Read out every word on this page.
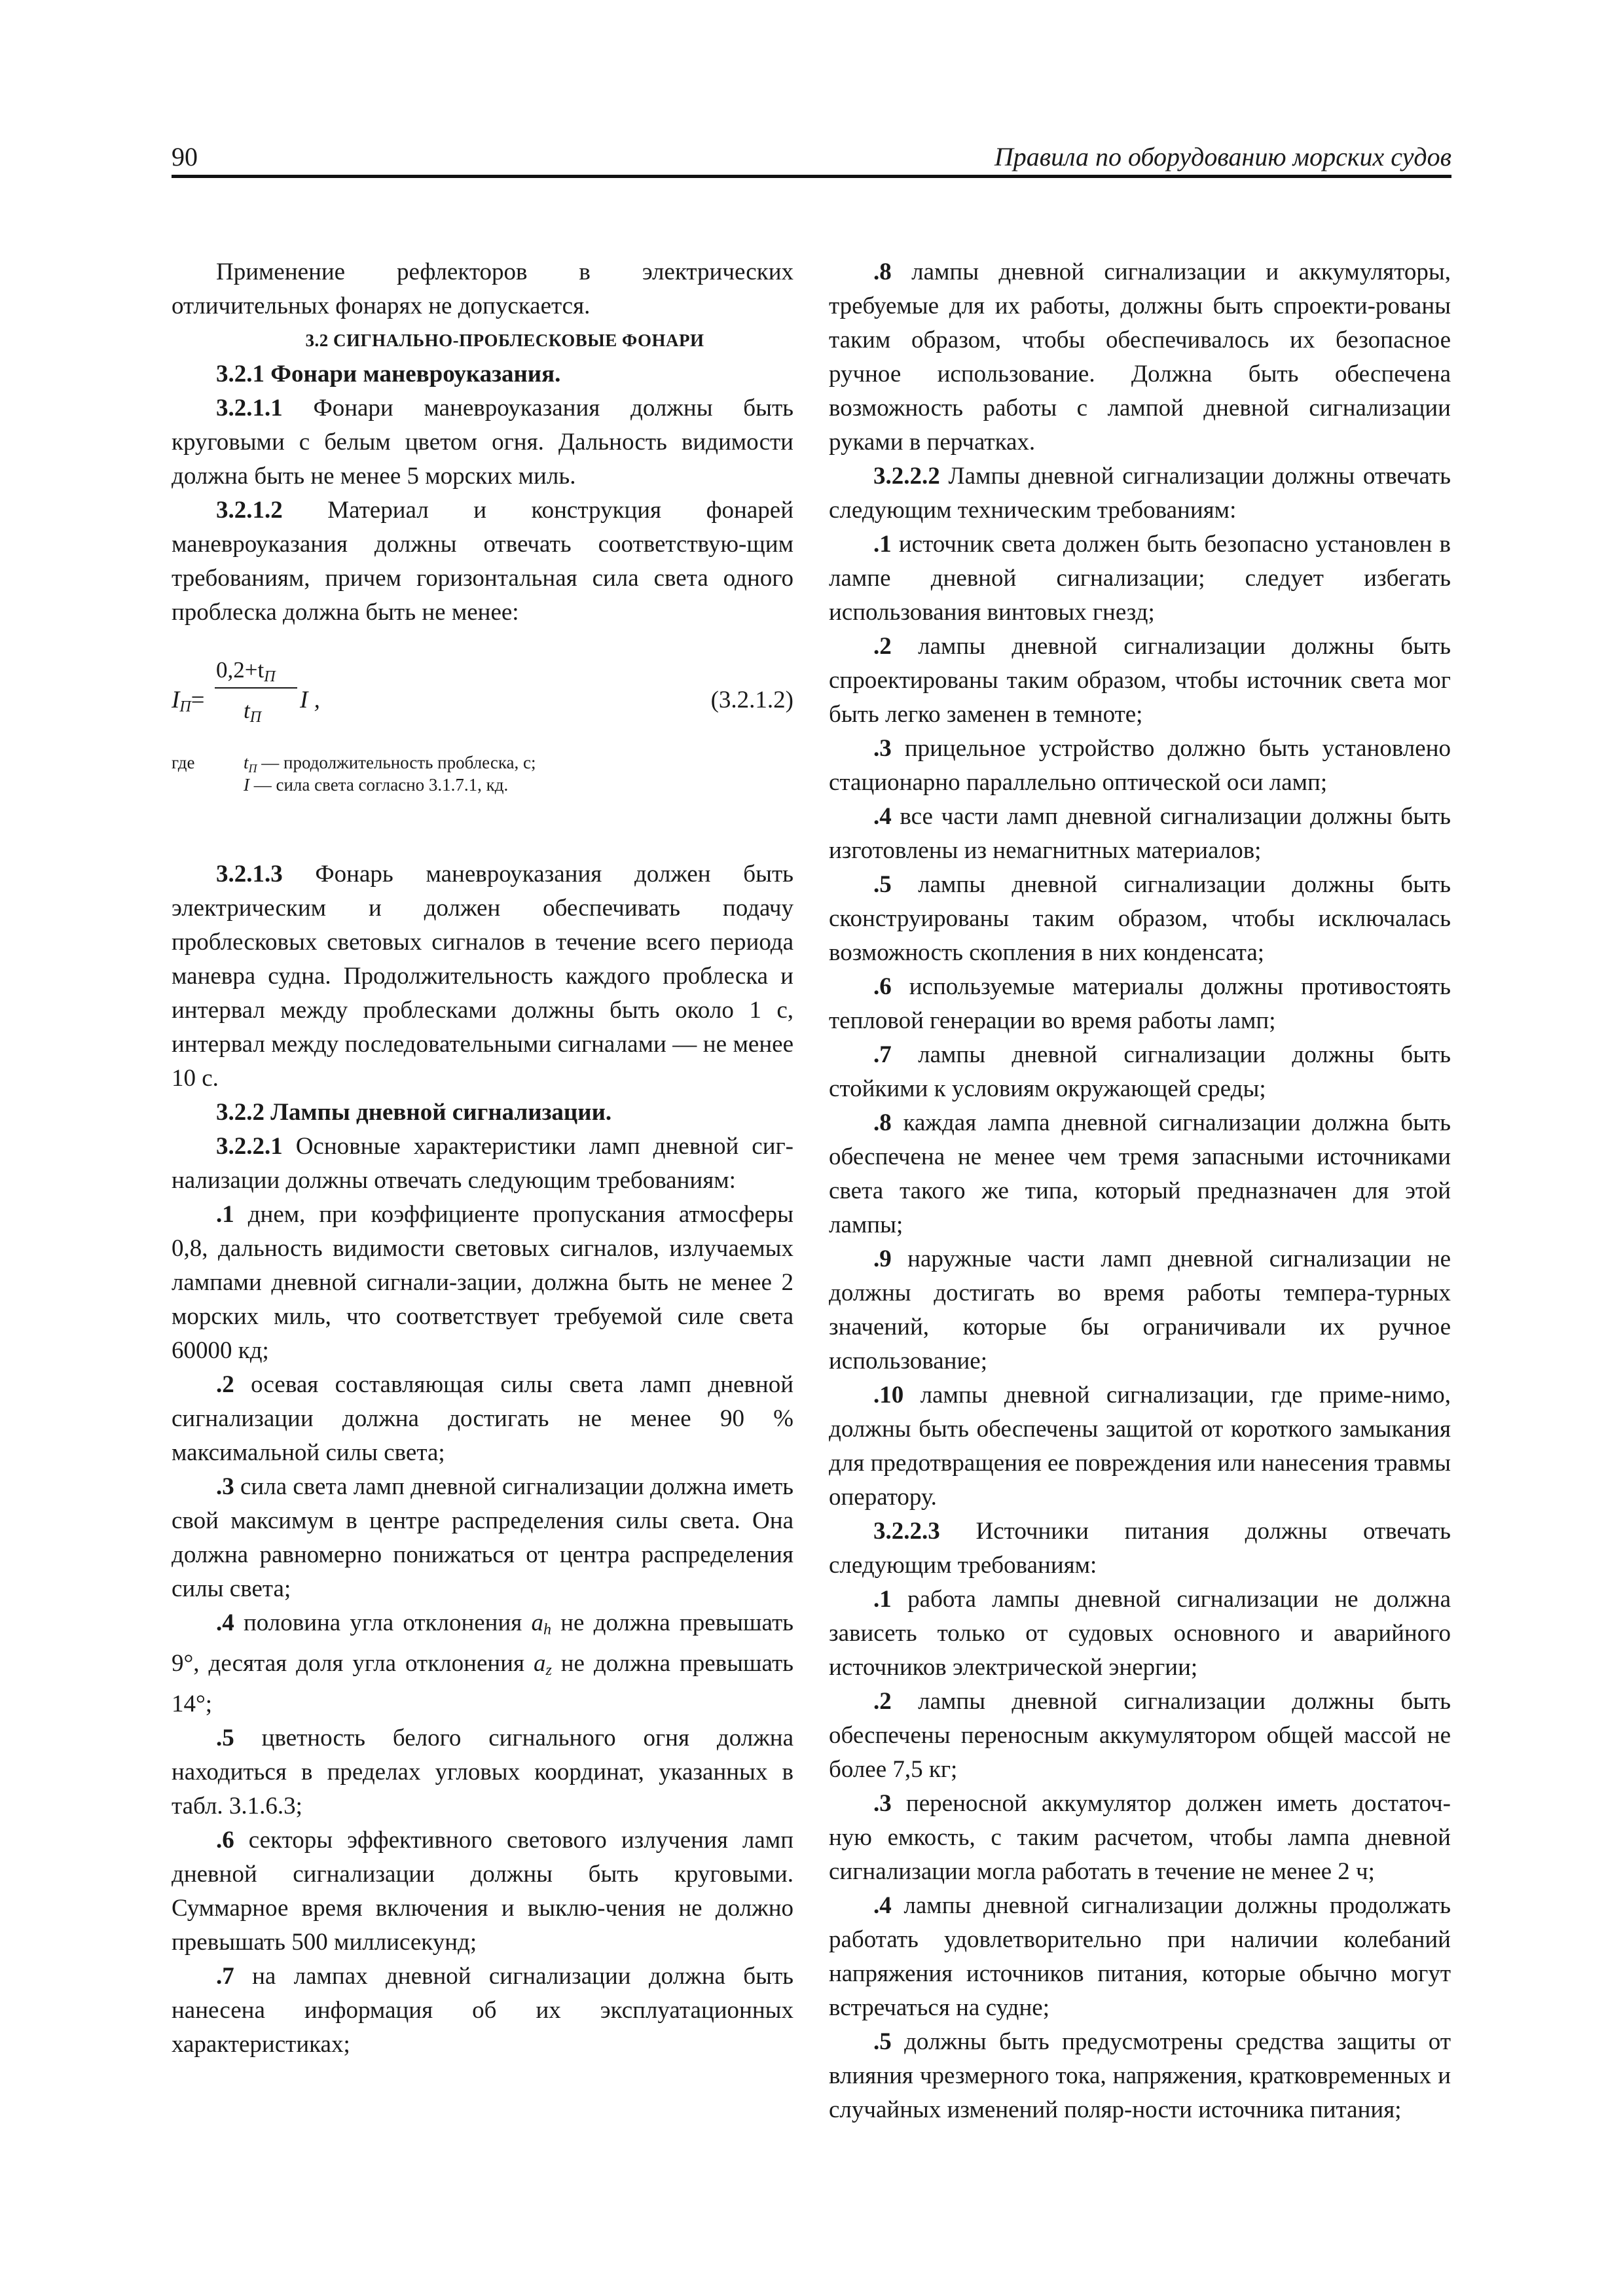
90	Правила по оборудованию морских судов

Применение рефлекторов в электрических отличительных фонарях не допускается.

3.2 СИГНАЛЬНО-ПРОБЛЕСКОВЫЕ ФОНАРИ

3.2.1 Фонари маневроуказания.

3.2.1.1 Фонари маневроуказания должны быть круговыми с белым цветом огня. Дальность видимости должна быть не менее 5 морских миль.

3.2.1.2 Материал и конструкция фонарей маневроуказания должны отвечать соответствую-щим требованиям, причем горизонтальная сила света одного проблеска должна быть не менее:

$I_П=$
$0,2+t_П$
$t_П$
I ,	(3.2.1.2)
где	$t_П$ — продолжительность проблеска, с;
I — сила света согласно 3.1.7.1, кд.

3.2.1.3 Фонарь маневроуказания должен быть электрическим и должен обеспечивать подачу проблесковых световых сигналов в течение всего периода маневра судна. Продолжительность каждого проблеска и интервал между проблесками должны быть около 1 с, интервал между последовательными сигналами — не менее 10 с.

3.2.2 Лампы дневной сигнализации.

3.2.2.1 Основные характеристики ламп дневной сиг-нализации должны отвечать следующим требованиям:

.1 днем, при коэффициенте пропускания атмосферы 0,8, дальность видимости световых сигналов, излучаемых лампами дневной сигнали-зации, должна быть не менее 2 морских миль, что соответствует требуемой силе света 60000 кд;

.2 осевая составляющая силы света ламп дневной сигнализации должна достигать не менее 90 % максимальной силы света;

.3 сила света ламп дневной сигнализации должна иметь свой максимум в центре распределения силы света. Она должна равномерно понижаться от центра распределения силы света;

.4 половина угла отклонения $a_h$ не должна превышать 9°, десятая доля угла отклонения $a_z$ не должна превышать 14°;

.5 цветность белого сигнального огня должна находиться в пределах угловых координат, указанных в табл. 3.1.6.3;

.6 секторы эффективного светового излучения ламп дневной сигнализации должны быть круговыми. Суммарное время включения и выклю-чения не должно превышать 500 миллисекунд;

.7 на лампах дневной сигнализации должна быть нанесена информация об их эксплуатационных характеристиках;

.8 лампы дневной сигнализации и аккумуляторы, требуемые для их работы, должны быть спроекти-рованы таким образом, чтобы обеспечивалось их безопасное ручное использование. Должна быть обеспечена возможность работы с лампой дневной сигнализации руками в перчатках.

3.2.2.2 Лампы дневной сигнализации должны отвечать следующим техническим требованиям:

.1 источник света должен быть безопасно установлен в лампе дневной сигнализации; следует избегать использования винтовых гнезд;

.2 лампы дневной сигнализации должны быть спроектированы таким образом, чтобы источник света мог быть легко заменен в темноте;

.3 прицельное устройство должно быть установлено стационарно параллельно оптической оси ламп;

.4 все части ламп дневной сигнализации должны быть изготовлены из немагнитных материалов;

.5 лампы дневной сигнализации должны быть сконструированы таким образом, чтобы исключалась возможность скопления в них конденсата;

.6 используемые материалы должны противостоять тепловой генерации во время работы ламп;

.7 лампы дневной сигнализации должны быть стойкими к условиям окружающей среды;

.8 каждая лампа дневной сигнализации должна быть обеспечена не менее чем тремя запасными источниками света такого же типа, который предназначен для этой лампы;

.9 наружные части ламп дневной сигнализации не должны достигать во время работы темпера-турных значений, которые бы ограничивали их ручное использование;

.10 лампы дневной сигнализации, где приме-нимо, должны быть обеспечены защитой от короткого замыкания для предотвращения ее повреждения или нанесения травмы оператору.

3.2.2.3 Источники питания должны отвечать следующим требованиям:

.1 работа лампы дневной сигнализации не должна зависеть только от судовых основного и аварийного источников электрической энергии;

.2 лампы дневной сигнализации должны быть обеспечены переносным аккумулятором общей массой не более 7,5 кг;

.3 переносной аккумулятор должен иметь достаточ-ную емкость, с таким расчетом, чтобы лампа дневной сигнализации могла работать в течение не менее 2 ч;

.4 лампы дневной сигнализации должны продолжать работать удовлетворительно при наличии колебаний напряжения источников питания, которые обычно могут встречаться на судне;

.5 должны быть предусмотрены средства защиты от влияния чрезмерного тока, напряжения, кратковременных и случайных изменений поляр-ности источника питания;
